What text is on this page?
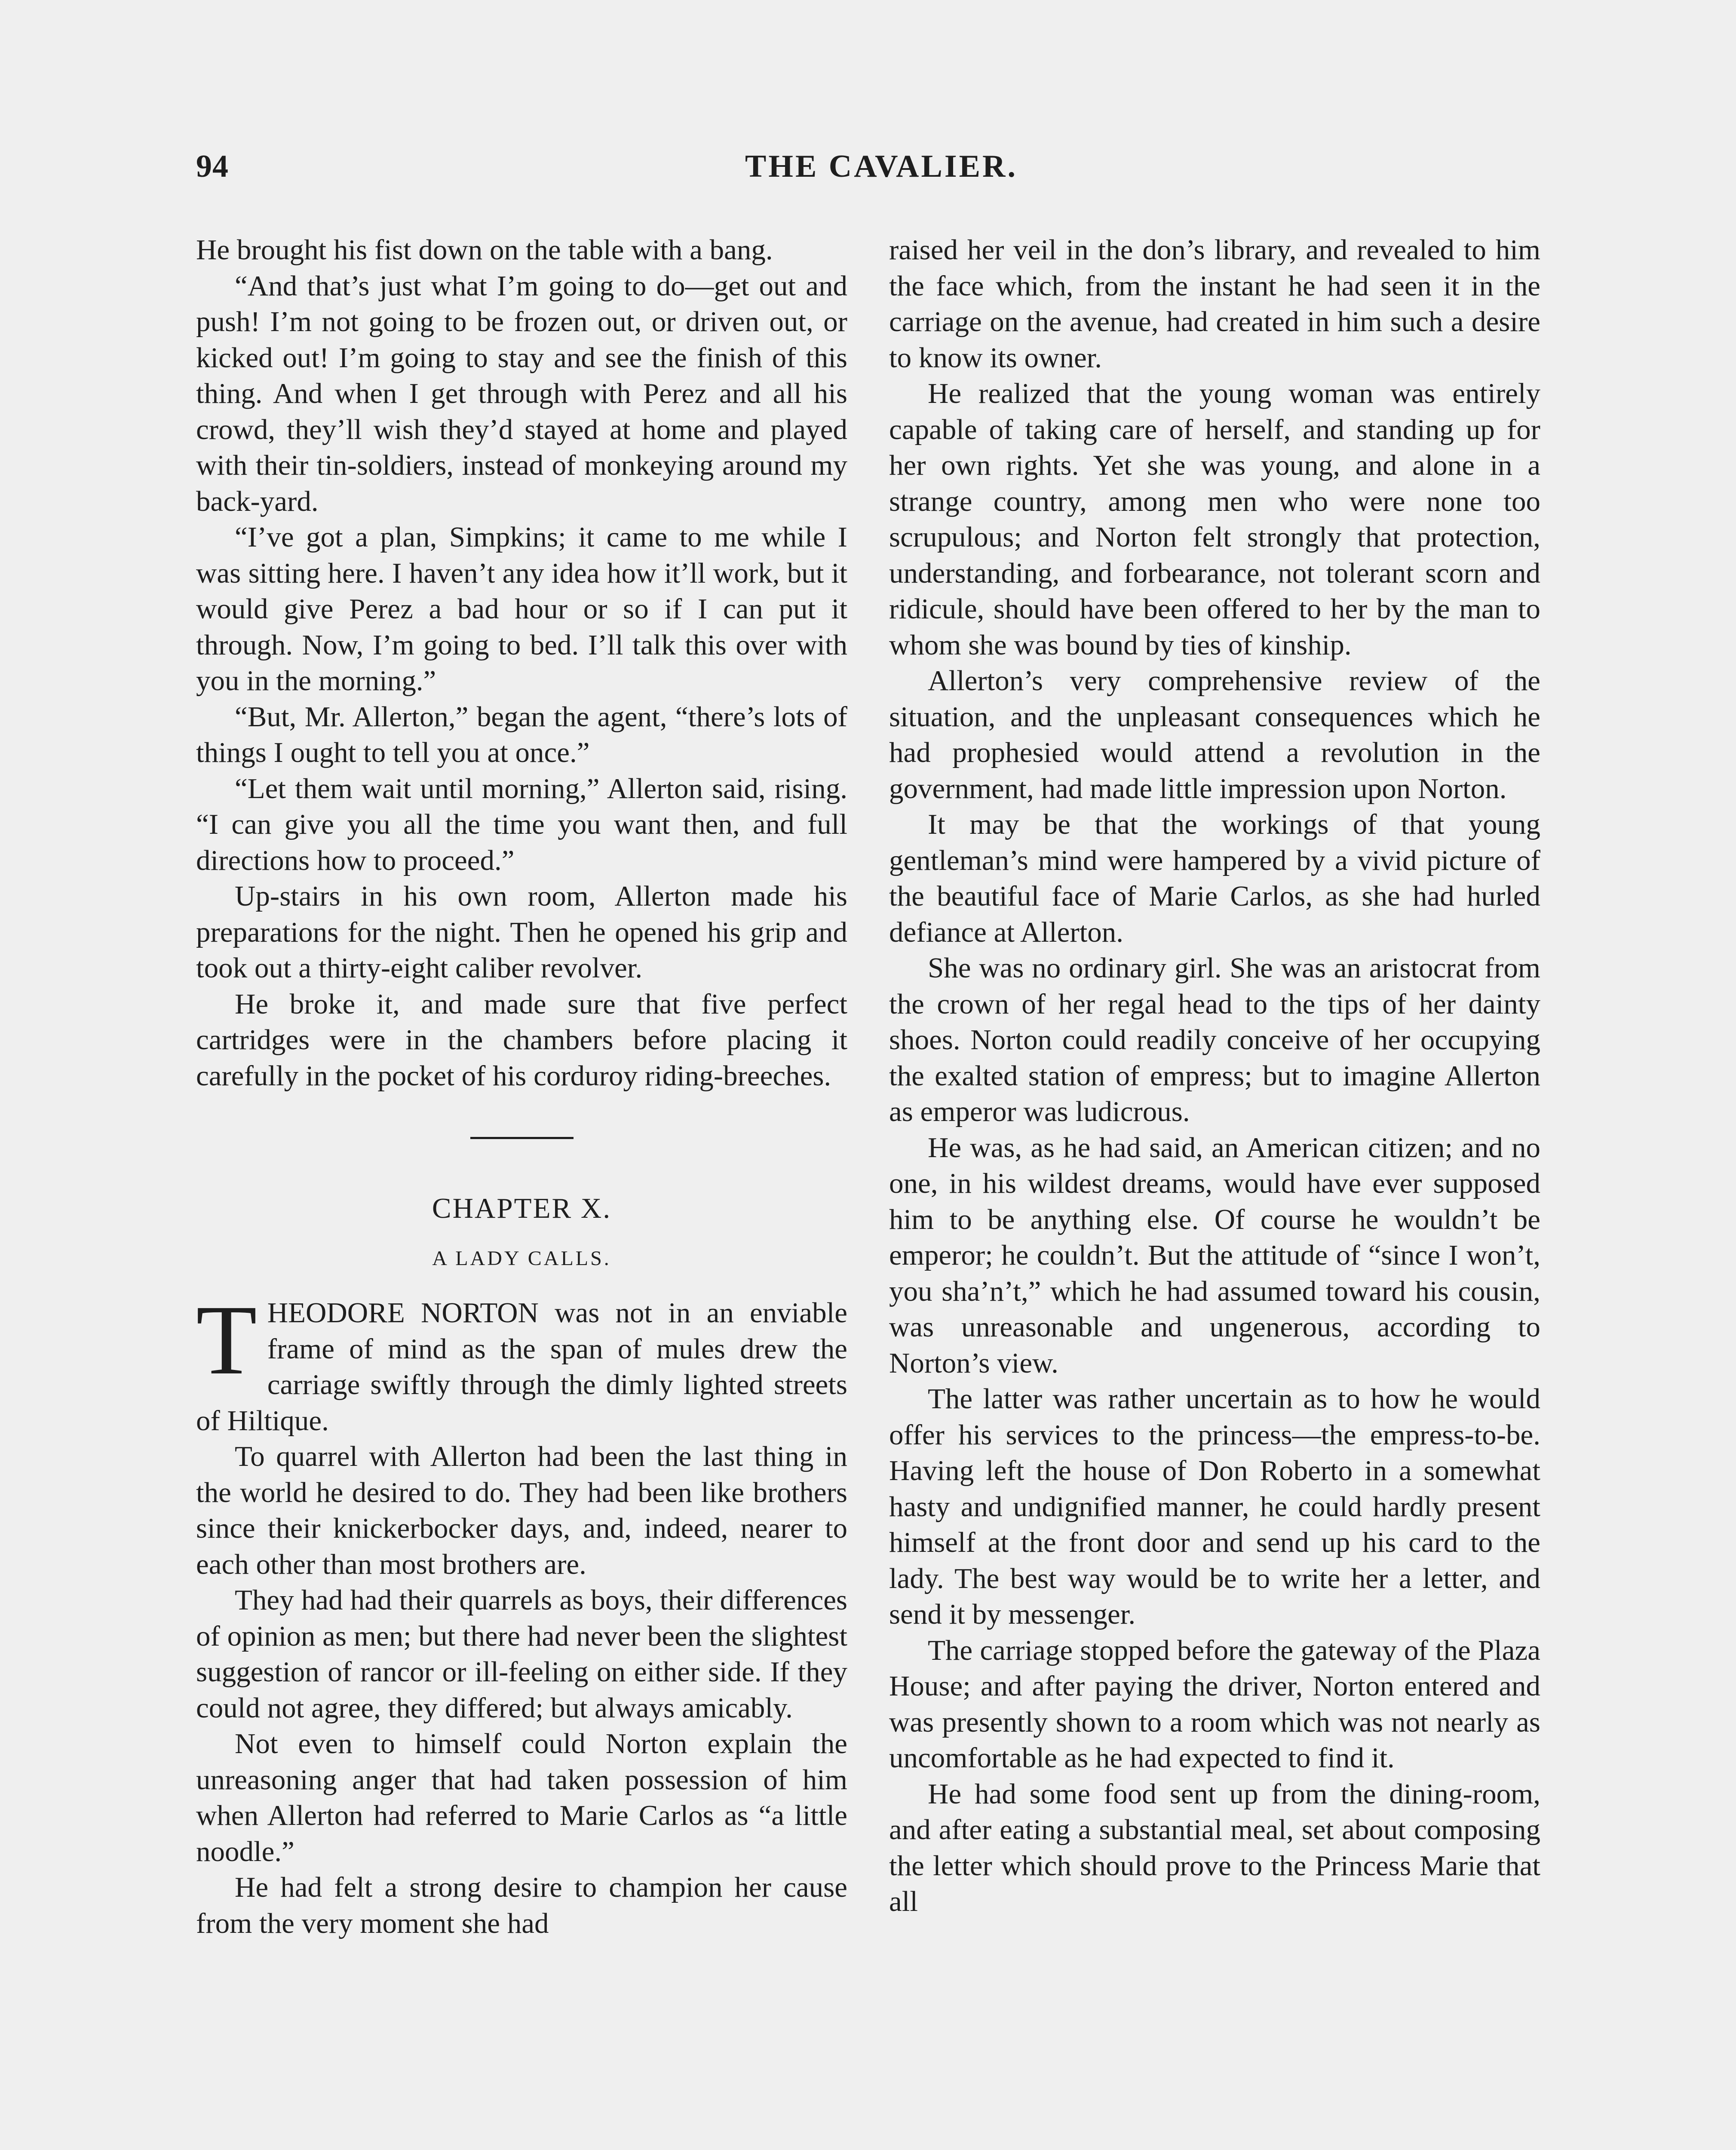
94	THE CAVALIER.

He brought his fist down on the table with a bang.

“And that’s just what I’m going to do—get out and push! I’m not going to be frozen out, or driven out, or kicked out! I’m going to stay and see the finish of this thing. And when I get through with Perez and all his crowd, they’ll wish they’d stayed at home and played with their tin-soldiers, instead of monkeying around my back-yard.

“I’ve got a plan, Simpkins; it came to me while I was sitting here. I haven’t any idea how it’ll work, but it would give Perez a bad hour or so if I can put it through. Now, I’m going to bed. I’ll talk this over with you in the morning.”

“But, Mr. Allerton,” began the agent, “there’s lots of things I ought to tell you at once.”

“Let them wait until morning,” Allerton said, rising. “I can give you all the time you want then, and full directions how to proceed.”

Up-stairs in his own room, Allerton made his preparations for the night. Then he opened his grip and took out a thirty-eight caliber revolver.

He broke it, and made sure that five perfect cartridges were in the chambers before placing it carefully in the pocket of his corduroy riding-breeches.

CHAPTER X.
A LADY CALLS.

THEODORE NORTON was not in an enviable frame of mind as the span of mules drew the carriage swiftly through the dimly lighted streets of Hiltique.

To quarrel with Allerton had been the last thing in the world he desired to do. They had been like brothers since their knickerbocker days, and, indeed, nearer to each other than most brothers are.

They had had their quarrels as boys, their differences of opinion as men; but there had never been the slightest suggestion of rancor or ill-feeling on either side. If they could not agree, they differed; but always amicably.

Not even to himself could Norton explain the unreasoning anger that had taken possession of him when Allerton had referred to Marie Carlos as “a little noodle.”

He had felt a strong desire to champion her cause from the very moment she had

raised her veil in the don’s library, and revealed to him the face which, from the instant he had seen it in the carriage on the avenue, had created in him such a desire to know its owner.

He realized that the young woman was entirely capable of taking care of herself, and standing up for her own rights. Yet she was young, and alone in a strange country, among men who were none too scrupulous; and Norton felt strongly that protection, understanding, and forbearance, not tolerant scorn and ridicule, should have been offered to her by the man to whom she was bound by ties of kinship.

Allerton’s very comprehensive review of the situation, and the unpleasant consequences which he had prophesied would attend a revolution in the government, had made little impression upon Norton.

It may be that the workings of that young gentleman’s mind were hampered by a vivid picture of the beautiful face of Marie Carlos, as she had hurled defiance at Allerton.

She was no ordinary girl. She was an aristocrat from the crown of her regal head to the tips of her dainty shoes. Norton could readily conceive of her occupying the exalted station of empress; but to imagine Allerton as emperor was ludicrous.

He was, as he had said, an American citizen; and no one, in his wildest dreams, would have ever supposed him to be anything else. Of course he wouldn’t be emperor; he couldn’t. But the attitude of “since I won’t, you sha’n’t,” which he had assumed toward his cousin, was unreasonable and ungenerous, according to Norton’s view.

The latter was rather uncertain as to how he would offer his services to the princess—the empress-to-be. Having left the house of Don Roberto in a somewhat hasty and undignified manner, he could hardly present himself at the front door and send up his card to the lady. The best way would be to write her a letter, and send it by messenger.

The carriage stopped before the gateway of the Plaza House; and after paying the driver, Norton entered and was presently shown to a room which was not nearly as uncomfortable as he had expected to find it.

He had some food sent up from the dining-room, and after eating a substantial meal, set about composing the letter which should prove to the Princess Marie that all
